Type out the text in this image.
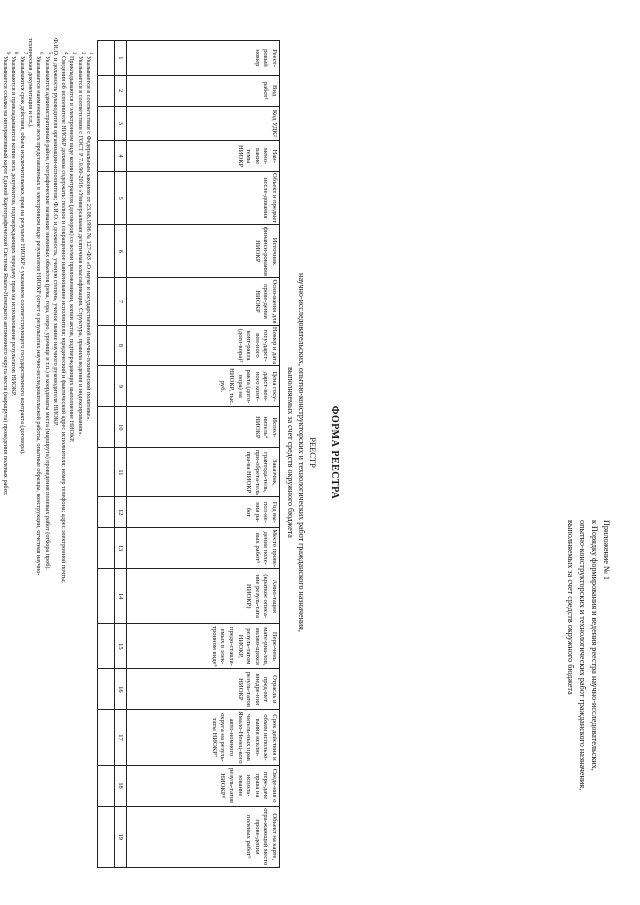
Приложение № 1
к Порядку формирования и ведения реестра научно-исследовательских,
опытно-конструкторских и технологических работ гражданского назначения,
выполняемых за счет средств окружного бюджета
ФОРМА РЕЕСТРА
РЕЕСТР
научно-исследовательских, опытно-конструкторских и технологических работ гражданского назначения,
выполняемых за счет средств окружного бюджета
Реест-ровый номер	Вид работ¹	Код УДК²	Наи-мено-вание темы НИОКР	Объект и предмет иссле-дования	Источник финанси-рования НИОКР	Осно-вания для прове-дения НИОКР	Номер и дата госу-дарст-вен-ного конт-ракта (дого-вора)³	Цена госу-дарст-вен-ного конт-ракта (дого-вора) на НИОКР, тыс. руб.	Испол-нитель⁴ НИОКР	Заказчик, грантода-тель, при-обрета-тель пра-ва НИОКР	Год вы-пол-не-ния ра-бот	Место прове-дения поле-вых работ⁵	Анно-тация (краткое описа-ние резуль-тата НИОКР)	Пере-чень мате-риа-лов, являю-щихся резуль-татом НИОКР, предо-ставля-емых в элек-тронном виде⁶	Отрасль и пред-мет внедре-ния резуль-татов НИОКР	Срок действия и объем использо-вания исклю-читель-ных прав Ямало-Ненец-кого авто-номного округа на резуль-таты НИОКР⁷	Сведе-ния о пере-даче права на исполь-зование резуль-татов НИОКР⁸	Объект на карте, отра-жающий место прове-дения полевых работ⁹
1	2	3	4	5	6	7	8	9	10	11	12	13	14	15	16	17	18	19

$^1$ Указывается в соответствии с Федеральным законом от 23.08.1996 № 127-ФЗ «О науке и государственной научно-технической политике».
$^2$ Указывается в соответствии с ГОСТ Р 7.0.90-2016 «Универсальная десятичная классификация. Структура, правила ведения и индексирования».
$^3$ Прикладываются в электронном виде копии контрактов (договоров) со всеми приложениями, копии актов, подтверждающих выполнение НИОКР.
$^4$ Сведения об исполнителе НИОКР должны содержать: полное и сокращенное наименование исполнителя; юридический и фактический адрес исполнителя; номер телефона; адрес электронной почты;
Ф.И.О. и должность руководителя организации-исполнителя; Ф.И.О. и должность, ученую степень, ученое звание научного руководителя НИОКР.
$^5$ Указываются административный район, географические названия значимых объектов (река, гора, озеро, урочище и т.п.) и координаты места (маршрута) проведения полевых работ (отбора проб).
$^6$ Указывается наименование всех представляемых в электронном виде результатов НИОКР (отчет о результатах научно-исследовательской работы, опытные образцы, конструкции, отчетная научно-
техническая документация и т.п.).
$^7$ Указываются срок действия, объем исключительных прав на результат НИОКР с указанием соответствующего государственного контракта (договора).
$^8$ Указываются и прикладываются копии всех документов, подтверждающих передачу прав на использование результатов НИОКР.
$^9$ Указывается ссылка на интерактивный карте Единой Картографической Системы Ямало-Ненецкого автономного округа места (маршрута) проведения полевых работ.
